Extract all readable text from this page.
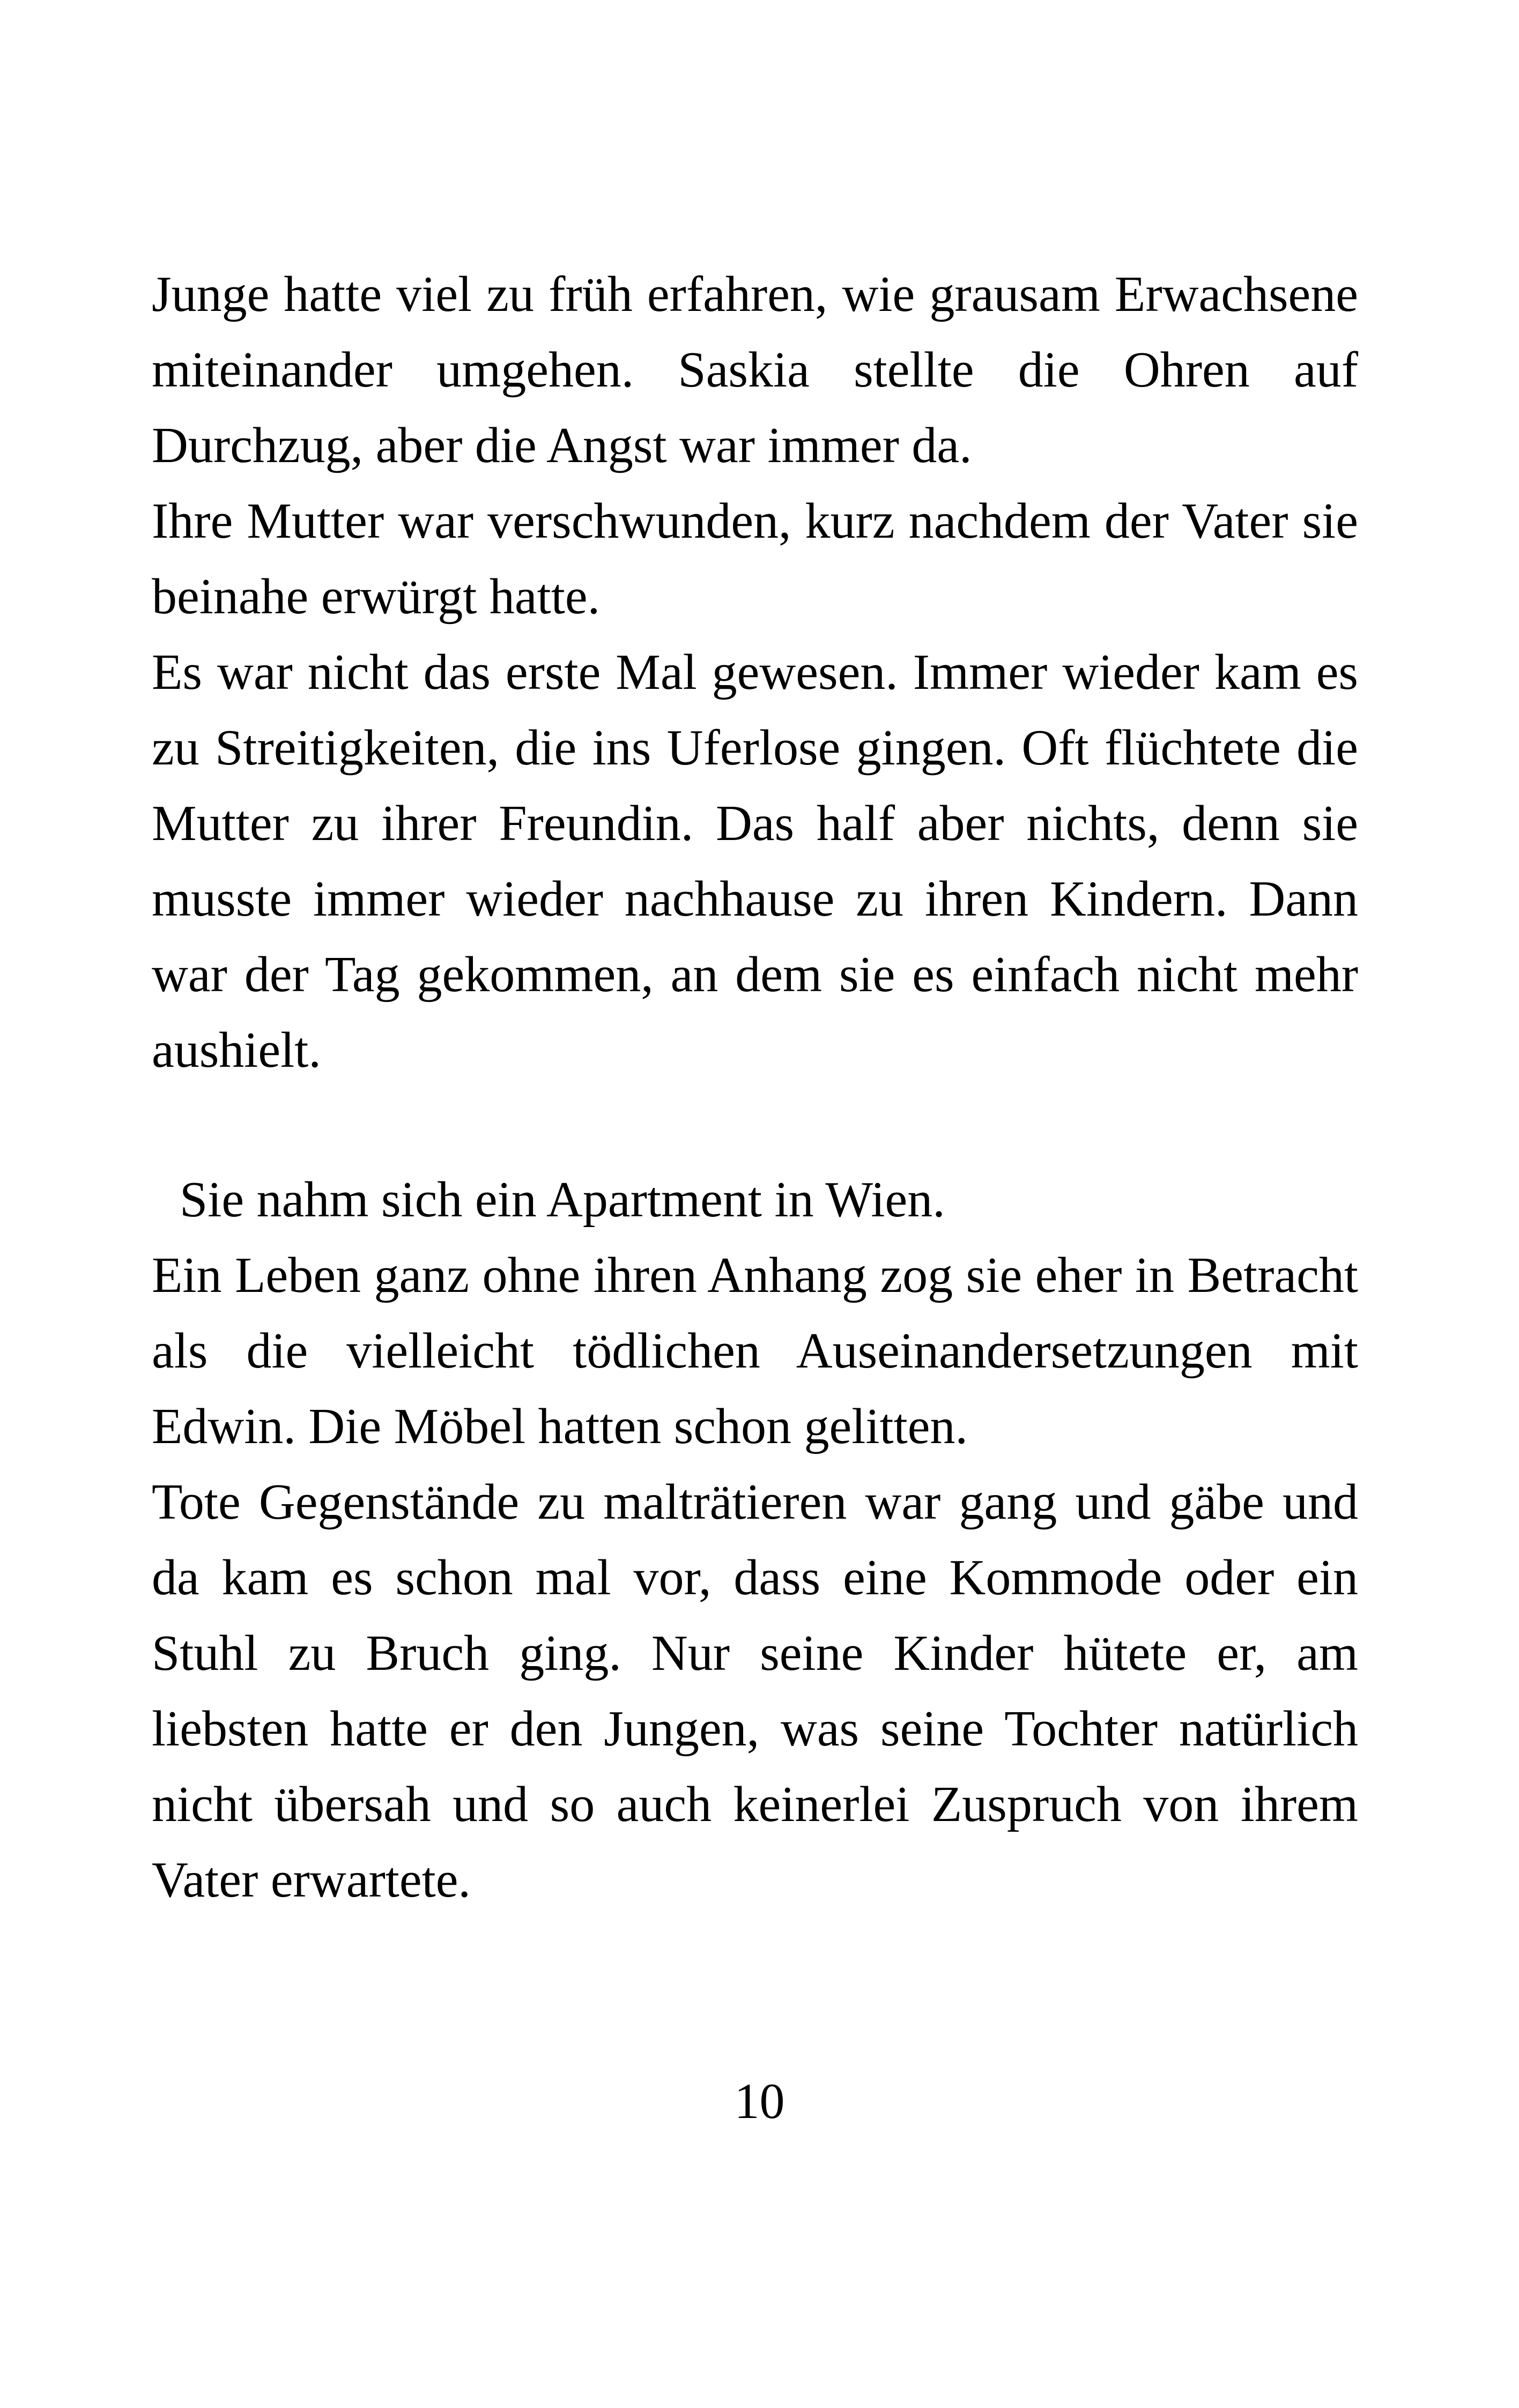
Junge hatte viel zu früh erfahren, wie grausam Erwachsene miteinander umgehen. Saskia stellte die Ohren auf Durchzug, aber die Angst war immer da.

Ihre Mutter war verschwunden, kurz nachdem der Vater sie beinahe erwürgt hatte.

Es war nicht das erste Mal gewesen. Immer wieder kam es zu Streitigkeiten, die ins Uferlose gingen. Oft flüchtete die Mutter zu ihrer Freundin. Das half aber nichts, denn sie musste immer wieder nachhause zu ihren Kindern. Dann war der Tag gekommen, an dem sie es einfach nicht mehr aushielt.

Sie nahm sich ein Apartment in Wien.

Ein Leben ganz ohne ihren Anhang zog sie eher in Betracht als die vielleicht tödlichen Auseinandersetzungen mit Edwin. Die Möbel hatten schon gelitten.

Tote Gegenstände zu malträtieren war gang und gäbe und da kam es schon mal vor, dass eine Kommode oder ein Stuhl zu Bruch ging. Nur seine Kinder hütete er, am liebsten hatte er den Jungen, was seine Tochter natürlich nicht übersah und so auch keinerlei Zuspruch von ihrem Vater erwartete.

10
